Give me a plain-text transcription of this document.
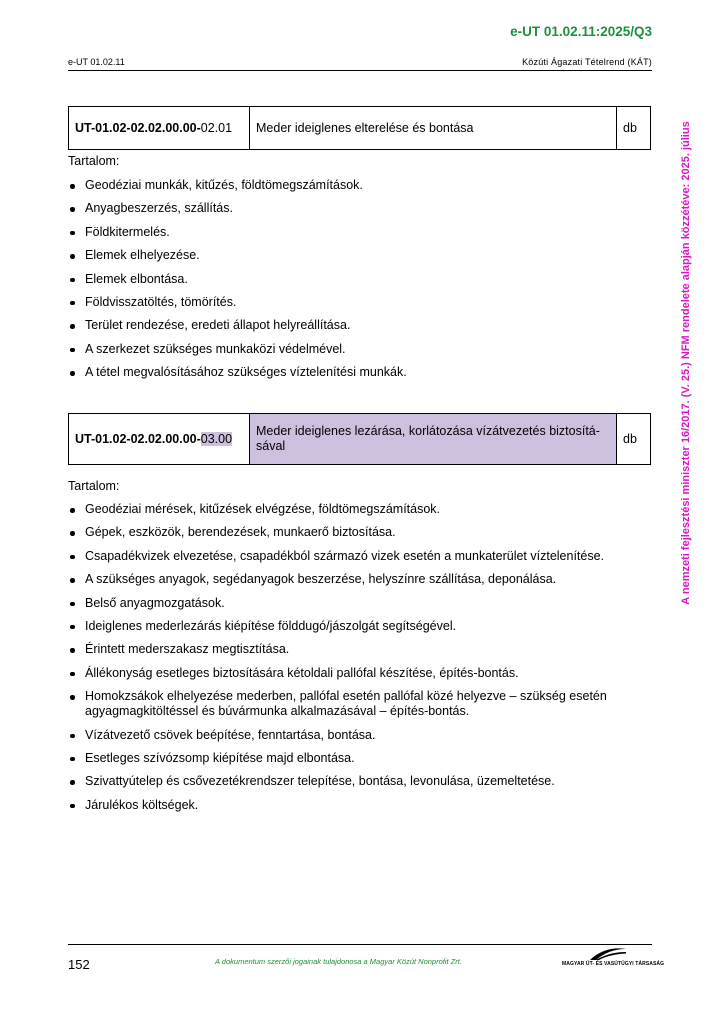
e-UT 01.02.11:2025/Q3
e-UT 01.02.11	Közúti Ágazati Tételrend (KÁT)
A nemzeti fejlesztési miniszter 16/2017. (V. 25.) NFM rendelete alapján közzétéve: 2025. július
UT-01.02-02.02.00.00-02.01	Meder ideiglenes elterelése és bontása	db
Tartalom:
Geodéziai munkák, kitűzés, földtömegszámítások.
Anyagbeszerzés, szállítás.
Földkitermelés.
Elemek elhelyezése.
Elemek elbontása.
Földvisszatöltés, tömörítés.
Terület rendezése, eredeti állapot helyreállítása.
A szerkezet szükséges munkaközi védelmével.
A tétel megvalósításához szükséges víztelenítési munkák.
UT-01.02-02.02.00.00-03.00	Meder ideiglenes lezárása, korlátozása vízátvezetés biztosítá-
sával	db
Tartalom:
Geodéziai mérések, kitűzések elvégzése, földtömegszámítások.
Gépek, eszközök, berendezések, munkaerő biztosítása.
Csapadékvizek elvezetése, csapadékból származó vizek esetén a munkaterület víztelenítése.
A szükséges anyagok, segédanyagok beszerzése, helyszínre szállítása, deponálása.
Belső anyagmozgatások.
Ideiglenes mederlezárás kiépítése földdugó/jászolgát segítségével.
Érintett mederszakasz megtisztítása.
Állékonyság esetleges biztosítására kétoldali pallófal készítése, építés-bontás.
Homokzsákok elhelyezése mederben, pallófal esetén pallófal közé helyezve – szükség esetén agyagmagkitöltéssel és búvármunka alkalmazásával – építés-bontás.
Vízátvezető csövek beépítése, fenntartása, bontása.
Esetleges szívózsomp kiépítése majd elbontása.
Szivattyútelep és csővezetékrendszer telepítése, bontása, levonulása, üzemeltetése.
Járulékos költségek.
152	A dokumentum szerzői jogainak tulajdonosa a Magyar Közút Nonprofit Zrt.	MAGYAR ÚT- ÉS VASÚTÜGYI TÁRSASÁG
